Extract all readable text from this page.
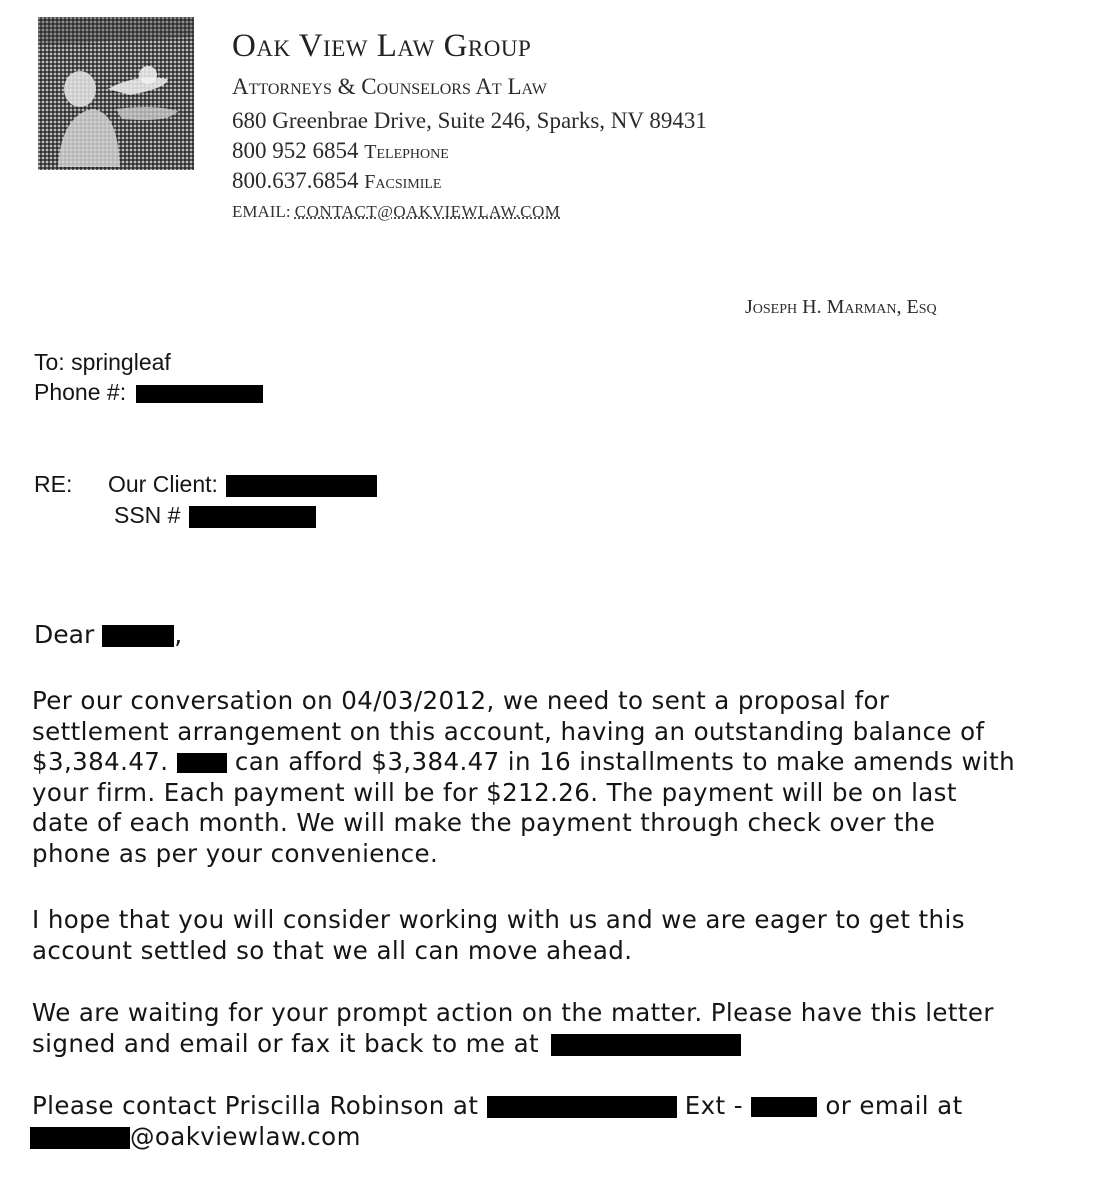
Oak View Law Group
Attorneys & Counselors At Law
680 Greenbrae Drive, Suite 246, Sparks, NV 89431
800 952 6854 Telephone
800.637.6854 Facsimile
EMAIL: CONTACT@OAKVIEWLAW.COM
Joseph H. Marman, Esq
To: springleaf
Phone #:
RE: Our Client:
SSN #
Dear	,
Per our conversation on 04/03/2012, we need to sent a proposal for
settlement arrangement on this account, having an outstanding balance of
$3,384.47.	can afford $3,384.47 in 16 installments to make amends with
your firm. Each payment will be for $212.26. The payment will be on last
date of each month. We will make the payment through check over the
phone as per your convenience.
I hope that you will consider working with us and we are eager to get this
account settled so that we all can move ahead.
We are waiting for your prompt action on the matter. Please have this letter
signed and email or fax it back to me at
Please contact Priscilla Robinson at	Ext -	or email at
@oakviewlaw.com
